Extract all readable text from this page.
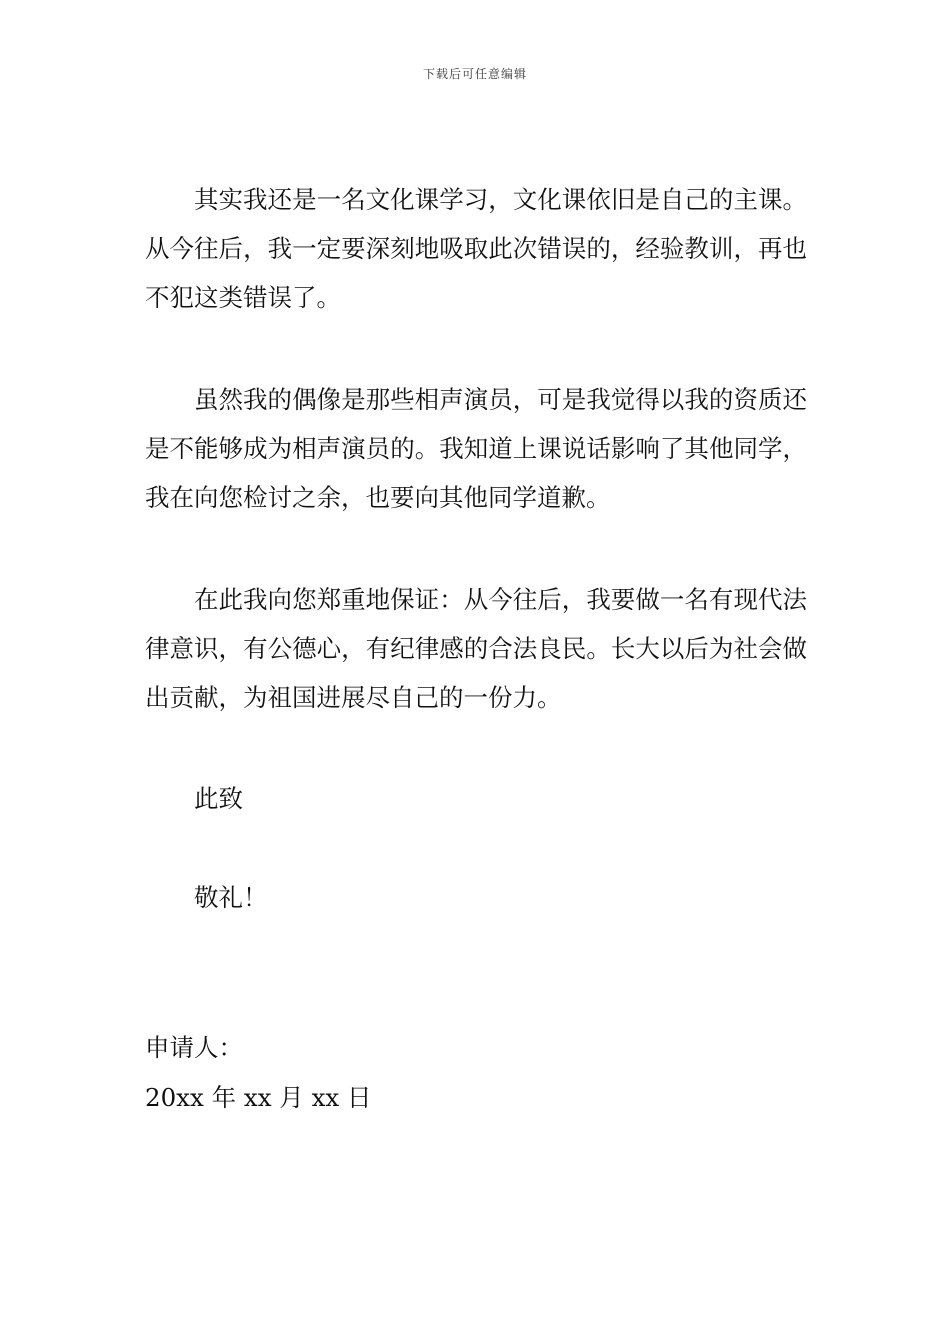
下载后可任意编辑

其实我还是一名文化课学习，文化课依旧是自己的主课。从今往后，我一定要深刻地吸取此次错误的，经验教训，再也不犯这类错误了。

虽然我的偶像是那些相声演员，可是我觉得以我的资质还是不能够成为相声演员的。我知道上课说话影响了其他同学，我在向您检讨之余，也要向其他同学道歉。

在此我向您郑重地保证：从今往后，我要做一名有现代法律意识，有公德心，有纪律感的合法良民。长大以后为社会做出贡献，为祖国进展尽自己的一份力。

此致

敬礼！

申请人：

20xx 年 xx 月 xx 日
